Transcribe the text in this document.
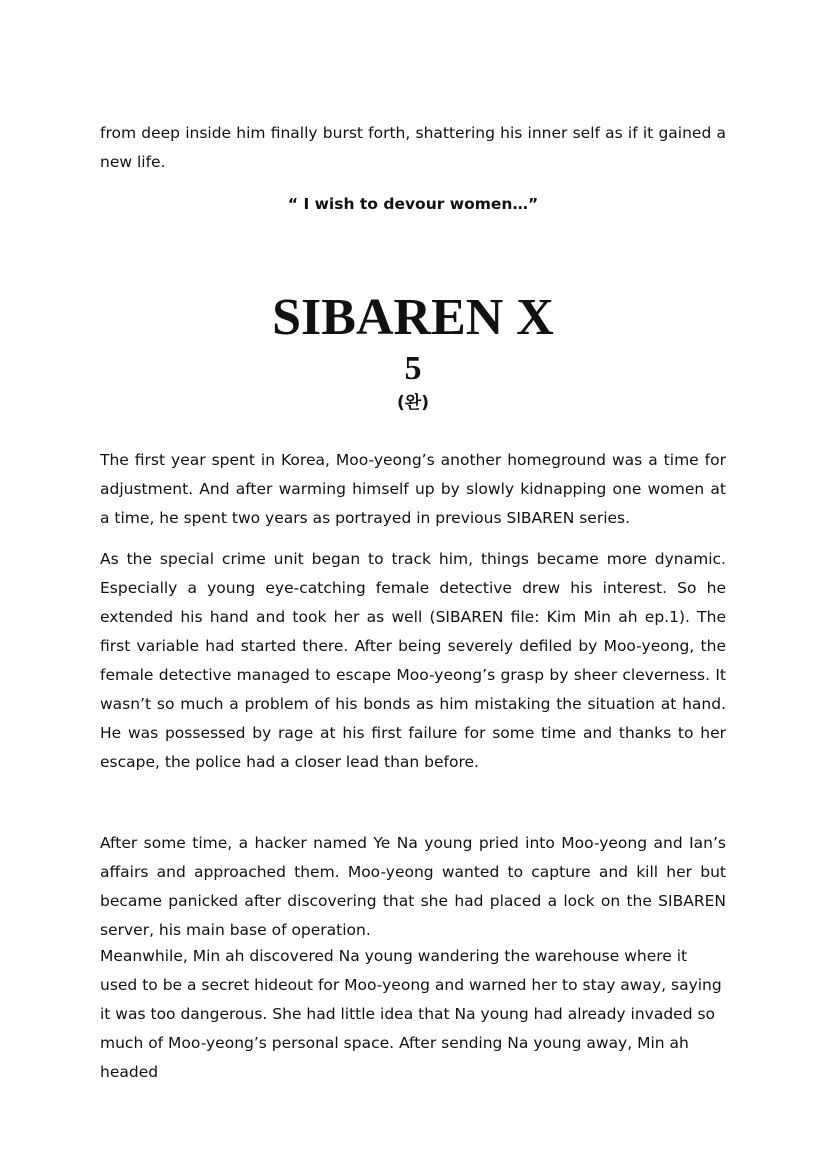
from deep inside him finally burst forth, shattering his inner self as if it gained a new life.

“ I wish to devour women…”

SIBAREN X
5
(완)

The first year spent in Korea, Moo-yeong’s another homeground was a time for adjustment. And after warming himself up by slowly kidnapping one women at a time, he spent two years as portrayed in previous SIBAREN series.

As the special crime unit began to track him, things became more dynamic. Especially a young eye-catching female detective drew his interest. So he extended his hand and took her as well (SIBAREN file: Kim Min ah ep.1). The first variable had started there. After being severely defiled by Moo-yeong, the female detective managed to escape Moo-yeong’s grasp by sheer cleverness. It wasn’t so much a problem of his bonds as him mistaking the situation at hand. He was possessed by rage at his first failure for some time and thanks to her escape, the police had a closer lead than before.

After some time, a hacker named Ye Na young pried into Moo-yeong and Ian’s affairs and approached them. Moo-yeong wanted to capture and kill her but became panicked after discovering that she had placed a lock on the SIBAREN server, his main base of operation.

Meanwhile, Min ah discovered Na young wandering the warehouse where it used to be a secret hideout for Moo-yeong and warned her to stay away, saying it was too dangerous. She had little idea that Na young had already invaded so much of Moo-yeong’s personal space. After sending Na young away, Min ah headed
